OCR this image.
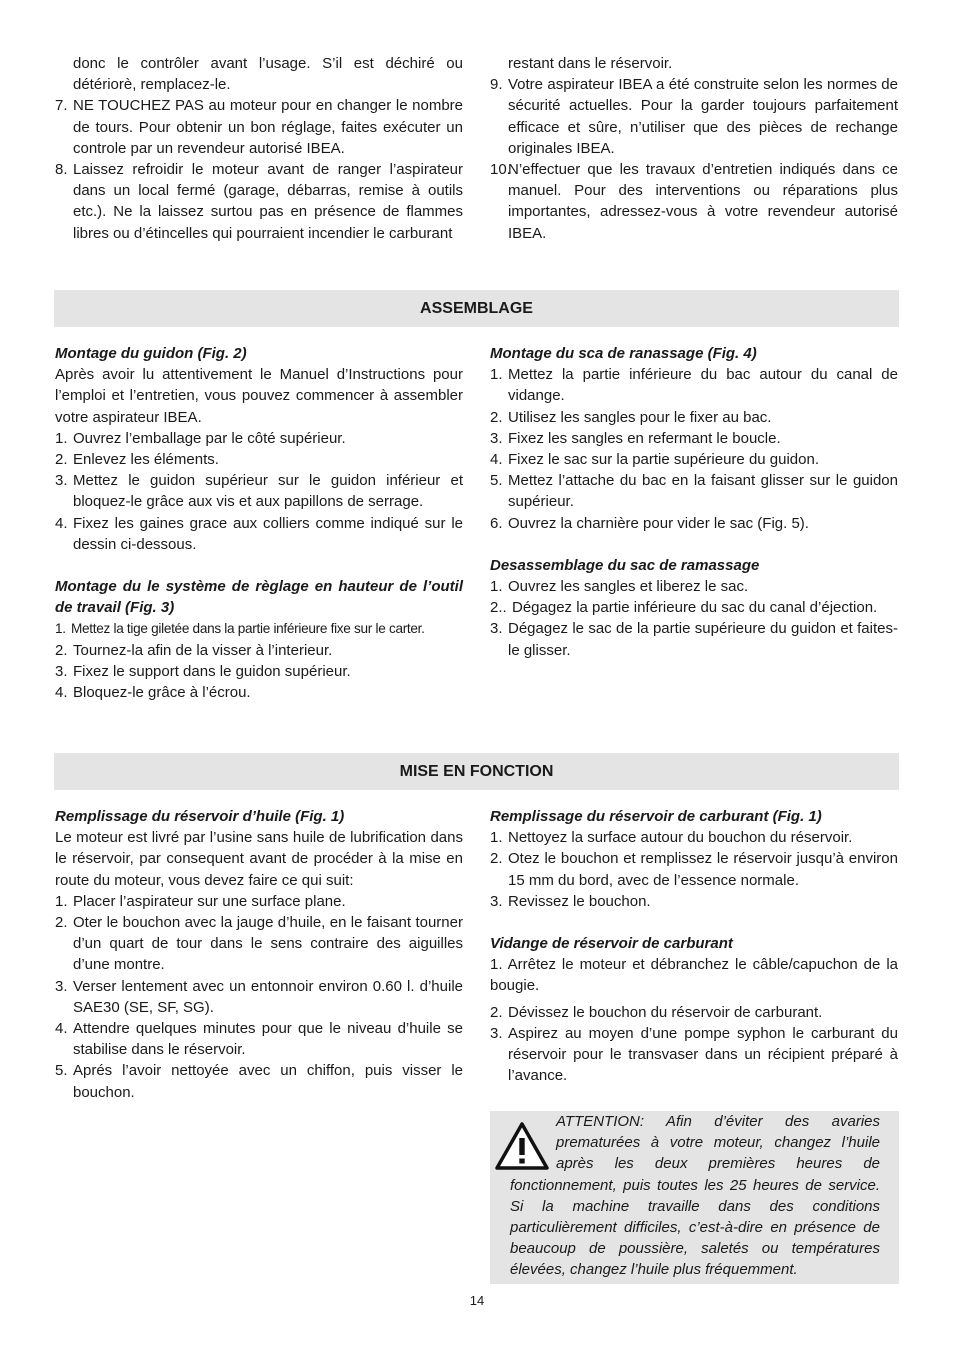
donc le contrôler avant l’usage. S’il est déchiré ou détériorè, remplacez-le.

7. NE TOUCHEZ PAS au moteur pour en changer le nombre de tours. Pour obtenir un bon réglage, faites exécuter un controle par un revendeur autorisé IBEA.
8. Laissez refroidir le moteur avant de ranger l’aspirateur dans un local fermé (garage, débarras, remise à outils etc.). Ne la laissez surtou pas en présence de flammes libres ou d’étincelles qui pourraient incendier le carburant

restant dans le réservoir.

9. Votre aspirateur IBEA a été construite selon les normes de sécurité actuelles. Pour la garder toujours parfaitement efficace et sûre, n’utiliser que des pièces de rechange originales IBEA.
10.
N’effectuer que les travaux d’entretien indiqués dans ce manuel. Pour des interventions ou réparations plus importantes, adressez-vous à votre revendeur autorisé IBEA.
ASSEMBLAGE

Montage du guidon (Fig. 2)

Après avoir lu attentivement le Manuel d’Instructions pour l’emploi et l’entretien, vous pouvez commencer à assembler votre aspirateur IBEA.

1. Ouvrez l’emballage par le côté supérieur.
2. Enlevez les éléments.
3. Mettez le guidon supérieur sur le guidon inférieur et bloquez-le grâce aux vis et aux papillons de serrage.
4. Fixez les gaines grace aux colliers comme indiqué sur le dessin ci-dessous.

Montage du le système de règlage en hauteur de l’outil de travail (Fig. 3)

1. Mettez la tige giletée dans la partie inférieure fixe sur le carter.
2. Tournez-la afin de la visser à l’interieur.
3. Fixez le support dans le guidon supérieur.
4. Bloquez-le grâce à l’écrou.

Montage du sca de ranassage (Fig. 4)

1. Mettez la partie inférieure du bac autour du canal de vidange.
2. Utilisez les sangles pour le fixer au bac.
3. Fixez les sangles en refermant le boucle.
4. Fixez le sac sur la partie supérieure du guidon.
5. Mettez l’attache du bac en la faisant glisser sur le guidon supérieur.
6. Ouvrez la charnière pour vider le sac (Fig. 5).

Desassemblage du sac de ramassage

1. Ouvrez les sangles et liberez le sac.
2.. Dégagez la partie inférieure du sac du canal d’éjection.
3. Dégagez le sac de la partie supérieure du guidon et faites-le glisser.
MISE EN FONCTION

Remplissage du réservoir d’huile (Fig. 1)

Le moteur est livré par l’usine sans huile de lubrification dans le réservoir, par consequent avant de procéder à la mise en route du moteur, vous devez faire ce qui suit:

1. Placer l’aspirateur sur une surface plane.
2. Oter le bouchon avec la jauge d’huile, en le faisant tourner d’un quart de tour dans le sens contraire des aiguilles d’une montre.
3. Verser lentement avec un entonnoir environ 0.60 l. d’huile SAE30 (SE, SF, SG).
4. Attendre quelques minutes pour que le niveau d’huile se stabilise dans le réservoir.
5. Aprés l’avoir nettoyée avec un chiffon, puis visser le bouchon.

Remplissage du réservoir de carburant (Fig. 1)

1. Nettoyez la surface autour du bouchon du réservoir.
2. Otez le bouchon et remplissez le réservoir jusqu’à environ 15 mm du bord, avec de l’essence normale.
3. Revissez le bouchon.

Vidange de réservoir de carburant

1. Arrêtez le moteur et débranchez le câble/capuchon de la bougie.

2. Dévissez le bouchon du réservoir de carburant.
3. Aspirez au moyen d’une pompe syphon le carburant du réservoir pour le transvaser dans un récipient préparé à l’avance.
ATTENTION: Afin d’éviter des avaries prematurées à votre moteur, changez l’huile après les deux premières heures de fonctionnement, puis toutes les 25 heures de service. Si la machine travaille dans des conditions particulièrement difficiles, c’est-à-dire en présence de beaucoup de poussière, saletés ou températures élevées, changez l’huile plus fréquemment.
14
